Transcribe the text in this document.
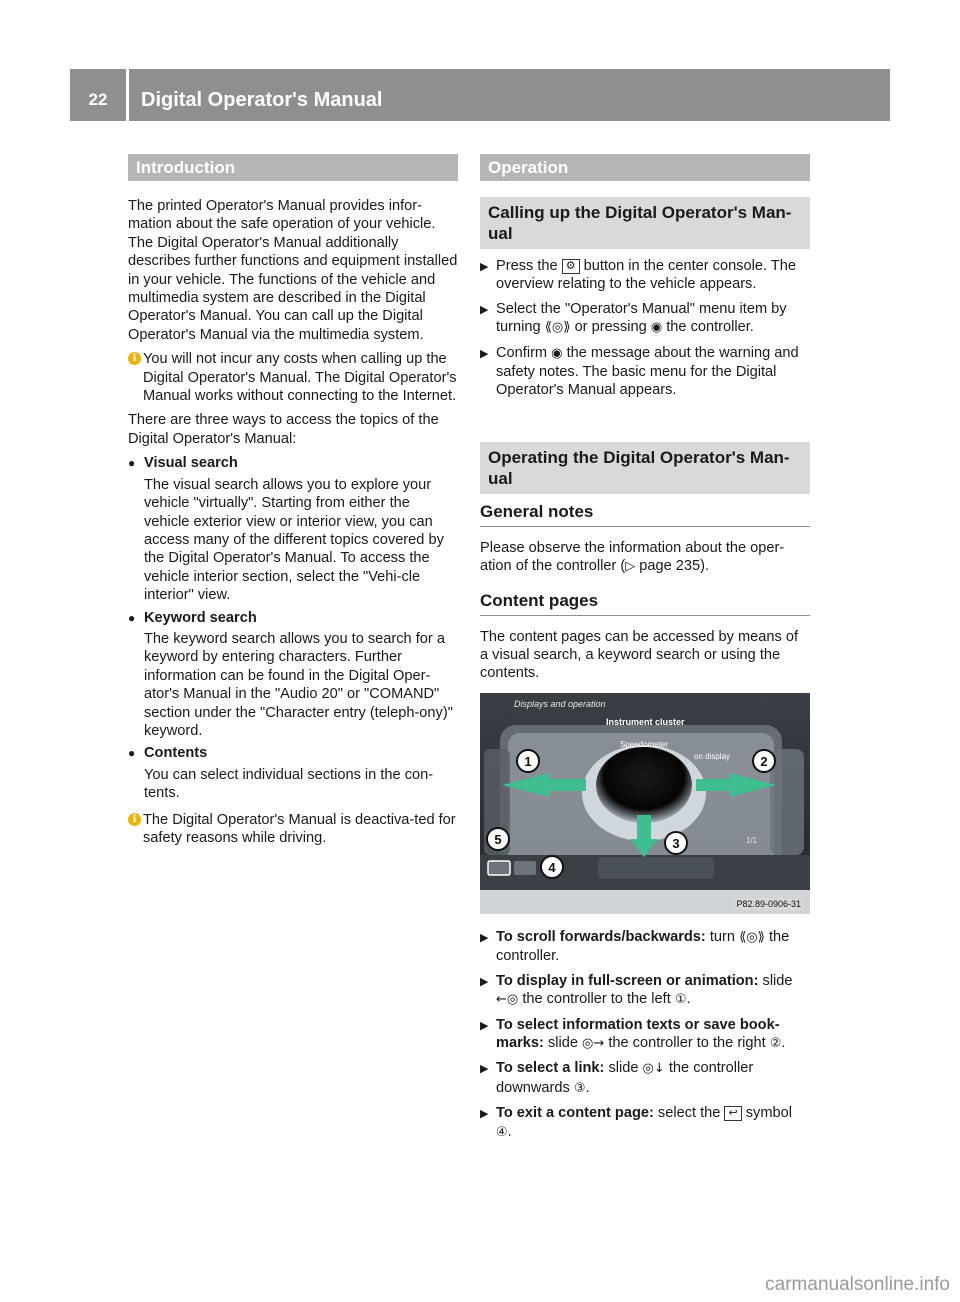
22	Digital Operator's Manual
Introduction

The printed Operator's Manual provides infor-mation about the safe operation of your vehicle. The Digital Operator's Manual additionally describes further functions and equipment installed in your vehicle. The functions of the vehicle and multimedia system are described in the Digital Operator's Manual. You can call up the Digital Operator's Manual via the multimedia system.

i You will not incur any costs when calling up the Digital Operator's Manual. The Digital Operator's Manual works without connecting to the Internet.

There are three ways to access the topics of the Digital Operator's Manual:

● Visual search
The visual search allows you to explore your vehicle "virtually". Starting from either the vehicle exterior view or interior view, you can access many of the different topics covered by the Digital Operator's Manual. To access the vehicle interior section, select the "Vehi-cle interior" view.
● Keyword search
The keyword search allows you to search for a keyword by entering characters. Further information can be found in the Digital Oper-ator's Manual in the "Audio 20" or "COMAND" section under the "Character entry (teleph-ony)" keyword.
● Contents
You can select individual sections in the con-tents.

i The Digital Operator's Manual is deactiva-ted for safety reasons while driving.

Operation
Calling up the Digital Operator's Man-ual
▶ Press the ⚙ button in the center console. The overview relating to the vehicle appears.
▶ Select the "Operator's Manual" menu item by turning ⟪◎⟫ or pressing ◉ the controller.
▶ Confirm ◉ the message about the warning and safety notes. The basic menu for the Digital Operator's Manual appears.
Operating the Digital Operator's Man-ual
General notes

Please observe the information about the oper-ation of the controller (▷ page 235).

Content pages

The content pages can be accessed by means of a visual search, a keyword search or using the contents.

Displays and operation
Instrument cluster
Speedometer
on display
1/1
1	2
3
4
5
P82.89-0906-31
▶ To scroll forwards/backwards: turn ⟪◎⟫ the controller.
▶ To display in full-screen or animation: slide ←◎ the controller to the left ①.
▶ To select information texts or save book-marks: slide ◎→ the controller to the right ②.
▶ To select a link: slide ◎↓ the controller downwards ③.
▶ To exit a content page: select the ↩ symbol ④.
carmanualsonline.info
